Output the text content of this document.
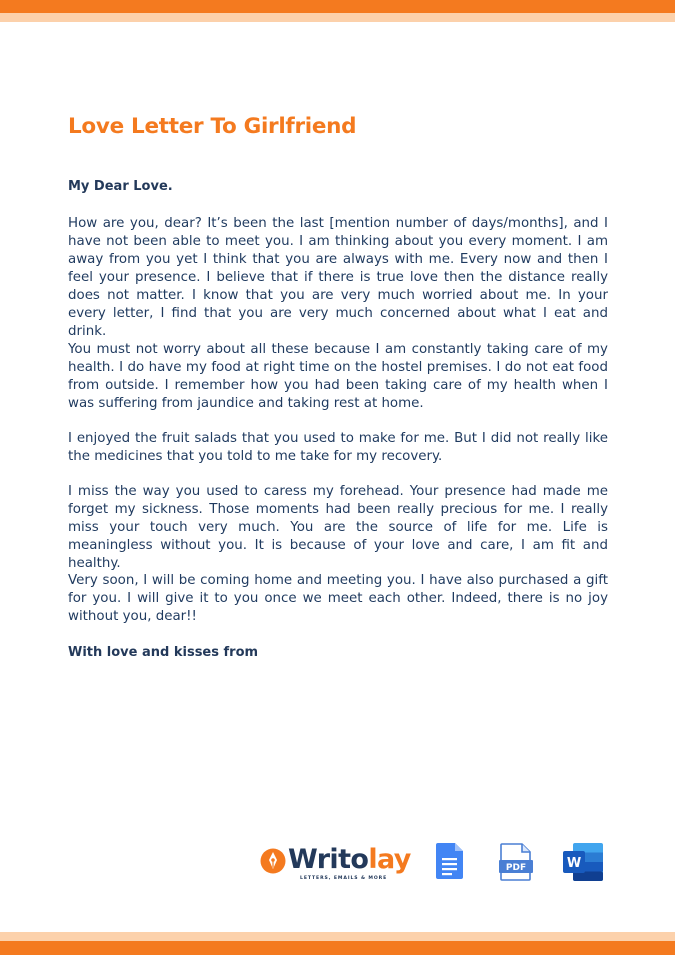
Love Letter To Girlfriend

My Dear Love.

How are you, dear? It’s been the last [mention number of days/months], and I have not been able to meet you. I am thinking about you every moment. I am away from you yet I think that you are always with me. Every now and then I feel your presence. I believe that if there is true love then the distance really does not matter. I know that you are very much worried about me. In your every letter, I find that you are very much concerned about what I eat and drink.

You must not worry about all these because I am constantly taking care of my health. I do have my food at right time on the hostel premises. I do not eat food from outside. I remember how you had been taking care of my health when I was suffering from jaundice and taking rest at home.

I enjoyed the fruit salads that you used to make for me. But I did not really like the medicines that you told to me take for my recovery.

I miss the way you used to caress my forehead. Your presence had made me forget my sickness. Those moments had been really precious for me. I really miss your touch very much. You are the source of life for me. Life is meaningless without you. It is because of your love and care, I am fit and healthy.

Very soon, I will be coming home and meeting you. I have also purchased a gift for you. I will give it to you once we meet each other. Indeed, there is no joy without you, dear!!

With love and kisses from

Writolay
LETTERS, EMAILS & MORE
PDF	W
